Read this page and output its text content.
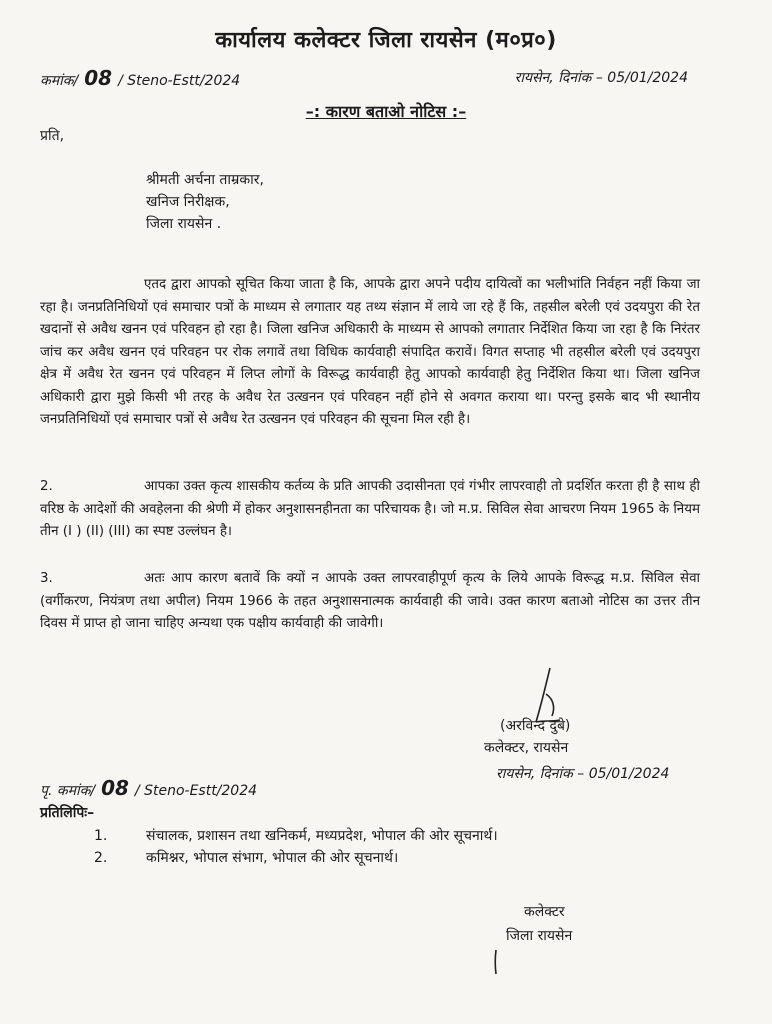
कार्यालय कलेक्टर जिला रायसेन (म०प्र०)
कमांक/ 08 / Steno-Estt/2024	रायसेन, दिनांक – 05/01/2024
–: कारण बताओ नोटिस :–
प्रति,
श्रीमती अर्चना ताम्रकार,
खनिज निरीक्षक,
जिला रायसेन .
एतद द्वारा आपको सूचित किया जाता है कि, आपके द्वारा अपने पदीय दायित्वों का भलीभांति निर्वहन नहीं किया जा रहा है। जनप्रतिनिधियों एवं समाचार पत्रों के माध्यम से लगातार यह तथ्य संज्ञान में लाये जा रहे हैं कि, तहसील बरेली एवं उदयपुरा की रेत खदानों से अवैध खनन एवं परिवहन हो रहा है। जिला खनिज अधिकारी के माध्यम से आपको लगातार निर्देशित किया जा रहा है कि निरंतर जांच कर अवैध खनन एवं परिवहन पर रोक लगावें तथा विधिक कार्यवाही संपादित करावें। विगत सप्ताह भी तहसील बरेली एवं उदयपुरा क्षेत्र में अवैध रेत खनन एवं परिवहन में लिप्त लोगों के विरूद्ध कार्यवाही हेतु आपको कार्यवाही हेतु निर्देशित किया था। जिला खनिज अधिकारी द्वारा मुझे किसी भी तरह के अवैध रेत उत्खनन एवं परिवहन नहीं होने से अवगत कराया था। परन्तु इसके बाद भी स्थानीय जनप्रतिनिधियों एवं समाचार पत्रों से अवैध रेत उत्खनन एवं परिवहन की सूचना मिल रही है।
2.	आपका उक्त कृत्य शासकीय कर्तव्य के प्रति आपकी उदासीनता एवं गंभीर लापरवाही तो प्रदर्शित करता ही है साथ ही वरिष्ठ के आदेशों की अवहेलना की श्रेणी में होकर अनुशासनहीनता का परिचायक है। जो म.प्र. सिविल सेवा आचरण नियम 1965 के नियम तीन (I ) (II) (III) का स्पष्ट उल्लंघन है।
3.	अतः आप कारण बतावें कि क्यों न आपके उक्त लापरवाहीपूर्ण कृत्य के लिये आपके विरूद्ध म.प्र. सिविल सेवा (वर्गीकरण, नियंत्रण तथा अपील) नियम 1966 के तहत अनुशासनात्मक कार्यवाही की जावे। उक्त कारण बताओ नोटिस का उत्तर तीन दिवस में प्राप्त हो जाना चाहिए अन्यथा एक पक्षीय कार्यवाही की जावेगी।
(अरविन्द दुबे)
कलेक्टर, रायसेन
रायसेन, दिनांक – 05/01/2024
पृ. कमांक/ 08 / Steno-Estt/2024
प्रतिलिपिः–
1.	संचालक, प्रशासन तथा खनिकर्म, मध्यप्रदेश, भोपाल की ओर सूचनार्थ।
2.	कमिश्नर, भोपाल संभाग, भोपाल की ओर सूचनार्थ।
कलेक्टर
जिला रायसेन
